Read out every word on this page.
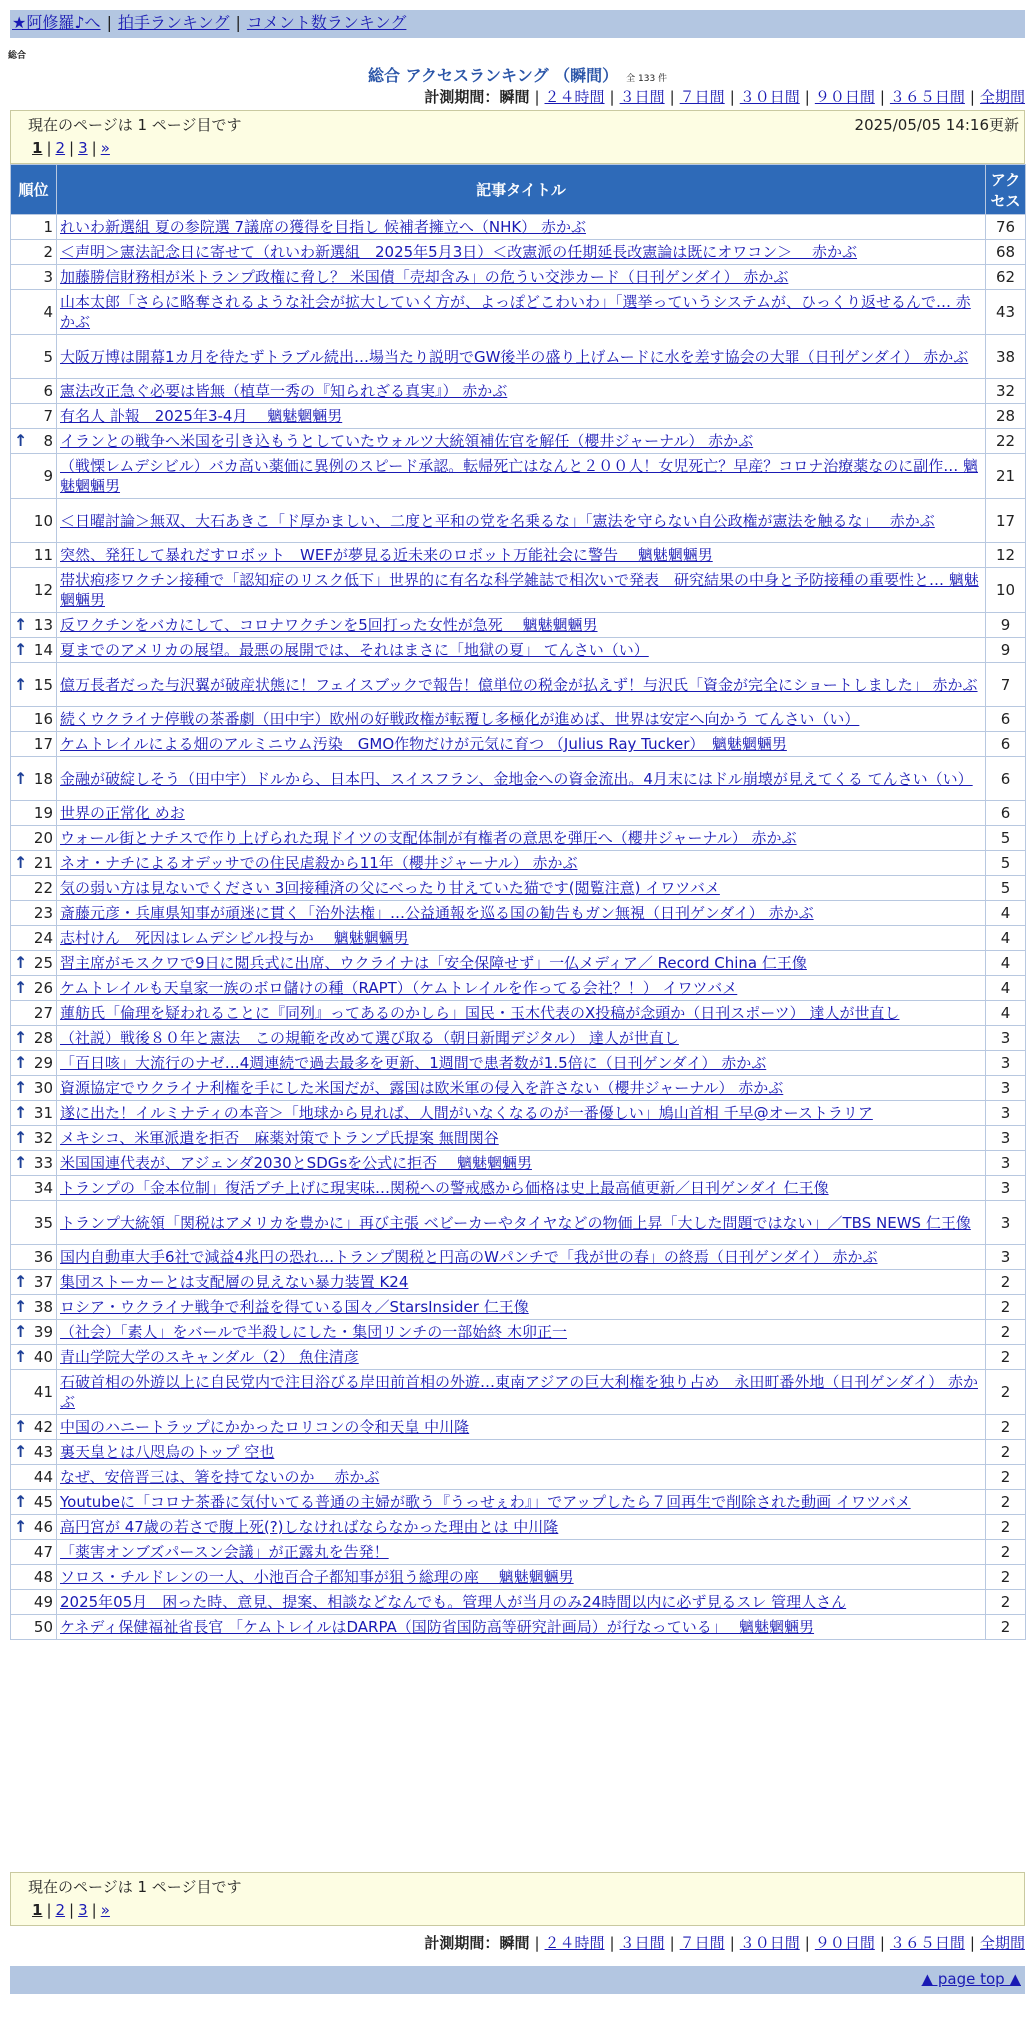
★阿修羅♪へ | 拍手ランキング | コメント数ランキング
総合
総合 アクセスランキング （瞬間） 全 133 件
計測期間：瞬間 | ２４時間 | ３日間 | ７日間 | ３０日間 | ９０日間 | ３６５日間 | 全期間
現在のページは 1 ページ目です	2025/05/05 14:16更新
1 | 2 | 3 | »
順位	記事タイトル	アクセス
1	れいわ新選組 夏の参院選 7議席の獲得を目指し 候補者擁立へ（NHK） 赤かぶ	76
2	＜声明＞憲法記念日に寄せて（れいわ新選組　2025年5月3日）＜改憲派の任期延長改憲論は既にオワコン＞　 赤かぶ	68
3	加藤勝信財務相が米トランプ政権に脅し？ 米国債「売却含み」の危うい交渉カード（日刊ゲンダイ） 赤かぶ	62
4	山本太郎「さらに略奪されるような社会が拡大していく方が、よっぽどこわいわ」「選挙っていうシステムが、ひっくり返せるんで… 赤かぶ	43
5	大阪万博は開幕1カ月を待たずトラブル続出…場当たり説明でGW後半の盛り上げムードに水を差す協会の大罪（日刊ゲンダイ） 赤かぶ	38
6	憲法改正急ぐ必要は皆無（植草一秀の『知られざる真実』） 赤かぶ	32
7	有名人 訃報　2025年3-4月　 魑魅魍魎男	28

↑ 8	イランとの戦争へ米国を引き込もうとしていたウォルツ大統領補佐官を解任（櫻井ジャーナル） 赤かぶ	22
9	（戦慄レムデシビル）バカ高い薬価に異例のスピード承認。転帰死亡はなんと２００人！女児死亡？早産？コロナ治療薬なのに副作… 魑魅魍魎男	21
10	＜日曜討論＞無双、大石あきこ「ド厚かましい、二度と平和の党を名乗るな」「憲法を守らない自公政権が憲法を触るな」　 赤かぶ	17
11	突然、発狂して暴れだすロボット　WEFが夢見る近未来のロボット万能社会に警告　 魑魅魍魎男	12
12	帯状疱疹ワクチン接種で「認知症のリスク低下」世界的に有名な科学雑誌で相次いで発表　研究結果の中身と予防接種の重要性と… 魑魅魍魎男	10

↑ 13	反ワクチンをバカにして、コロナワクチンを5回打った女性が急死　 魑魅魍魎男	9

↑ 14	夏までのアメリカの展望。最悪の展開では、それはまさに「地獄の夏」 てんさい（い）	9

↑ 15	億万長者だった与沢翼が破産状態に！フェイスブックで報告！億単位の税金が払えず！与沢氏「資金が完全にショートしました」 赤かぶ	7
16	続くウクライナ停戦の茶番劇（田中宇）欧州の好戦政権が転覆し多極化が進めば、世界は安定へ向かう てんさい（い）	6
17	ケムトレイルによる畑のアルミニウム汚染　GMO作物だけが元気に育つ （Julius Ray Tucker）　魑魅魍魎男	6

↑ 18	金融が破綻しそう（田中宇）ドルから、日本円、スイスフラン、金地金への資金流出。4月末にはドル崩壊が見えてくる てんさい（い）	6
19	世界の正常化 めお	6
20	ウォール街とナチスで作り上げられた現ドイツの支配体制が有権者の意思を弾圧へ（櫻井ジャーナル） 赤かぶ	5

↑ 21	ネオ・ナチによるオデッサでの住民虐殺から11年（櫻井ジャーナル） 赤かぶ	5
22	気の弱い方は見ないでください 3回接種済の父にべったり甘えていた猫です(閲覧注意) イワツバメ	5
23	斎藤元彦・兵庫県知事が頑迷に貫く「治外法権」…公益通報を巡る国の勧告もガン無視（日刊ゲンダイ） 赤かぶ	4
24	志村けん　死因はレムデシビル投与か　 魑魅魍魎男	4

↑ 25	習主席がモスクワで9日に閲兵式に出席、ウクライナは「安全保障せず」一仏メディア／ Record China 仁王像	4

↑ 26	ケムトレイルも天皇家一族のボロ儲けの種（RAPT）（ケムトレイルを作ってる会社？！） イワツバメ	4
27	蓮舫氏「倫理を疑われることに『同列』ってあるのかしら」国民・玉木代表のX投稿が念頭か（日刊スポーツ） 達人が世直し	4

↑ 28	（社説）戦後８０年と憲法　この規範を改めて選び取る（朝日新聞デジタル） 達人が世直し	3

↑ 29	「百日咳」大流行のナゼ…4週連続で過去最多を更新、1週間で患者数が1.5倍に（日刊ゲンダイ） 赤かぶ	3

↑ 30	資源協定でウクライナ利権を手にした米国だが、露国は欧米軍の侵入を許さない（櫻井ジャーナル） 赤かぶ	3

↑ 31	遂に出た！イルミナティの本音＞「地球から見れば、人間がいなくなるのが一番優しい」鳩山首相 千早@オーストラリア	3

↑ 32	メキシコ、米軍派遣を拒否　麻薬対策でトランプ氏提案 無間関谷	3

↑ 33	米国国連代表が、アジェンダ2030とSDGsを公式に拒否　 魑魅魍魎男	3
34	トランプの「金本位制」復活ブチ上げに現実味…関税への警戒感から価格は史上最高値更新／日刊ゲンダイ 仁王像	3
35	トランプ大統領「関税はアメリカを豊かに」再び主張 ベビーカーやタイヤなどの物価上昇「大した問題ではない」／TBS NEWS 仁王像	3
36	国内自動車大手6社で減益4兆円の恐れ…トランプ関税と円高のWパンチで「我が世の春」の終焉（日刊ゲンダイ） 赤かぶ	3

↑ 37	集団ストーカーとは支配層の見えない暴力装置 K24	2

↑ 38	ロシア・ウクライナ戦争で利益を得ている国々／StarsInsider 仁王像	2

↑ 39	（社会）「素人」をバールで半殺しにした・集団リンチの一部始終 木卯正一	2

↑ 40	青山学院大学のスキャンダル（2） 魚住清彦	2
41	石破首相の外遊以上に自民党内で注目浴びる岸田前首相の外遊…東南アジアの巨大利権を独り占め　永田町番外地（日刊ゲンダイ） 赤かぶ	2

↑ 42	中国のハニートラップにかかったロリコンの令和天皇 中川隆	2

↑ 43	裏天皇とは八咫烏のトップ 空也	2
44	なぜ、安倍晋三は、箸を持てないのか　 赤かぶ	2

↑ 45	Youtubeに「コロナ茶番に気付いてる普通の主婦が歌う『うっせぇわ』」でアップしたら７回再生で削除された動画 イワツバメ	2

↑ 46	高円宮が 47歳の若さで腹上死(?)しなければならなかった理由とは 中川隆	2
47	「薬害オンブズパースン会議」が正露丸を告発！	2
48	ソロス・チルドレンの一人、小池百合子都知事が狙う総理の座　 魑魅魍魎男	2
49	2025年05月　困った時、意見、提案、相談などなんでも。管理人が当月のみ24時間以内に必ず見るスレ 管理人さん	2
50	ケネディ保健福祉省長官 「ケムトレイルはDARPA（国防省国防高等研究計画局）が行なっている」　 魑魅魍魎男	2
現在のページは 1 ページ目です
1 | 2 | 3 | »
計測期間：瞬間 | ２４時間 | ３日間 | ７日間 | ３０日間 | ９０日間 | ３６５日間 | 全期間
▲ page top ▲
